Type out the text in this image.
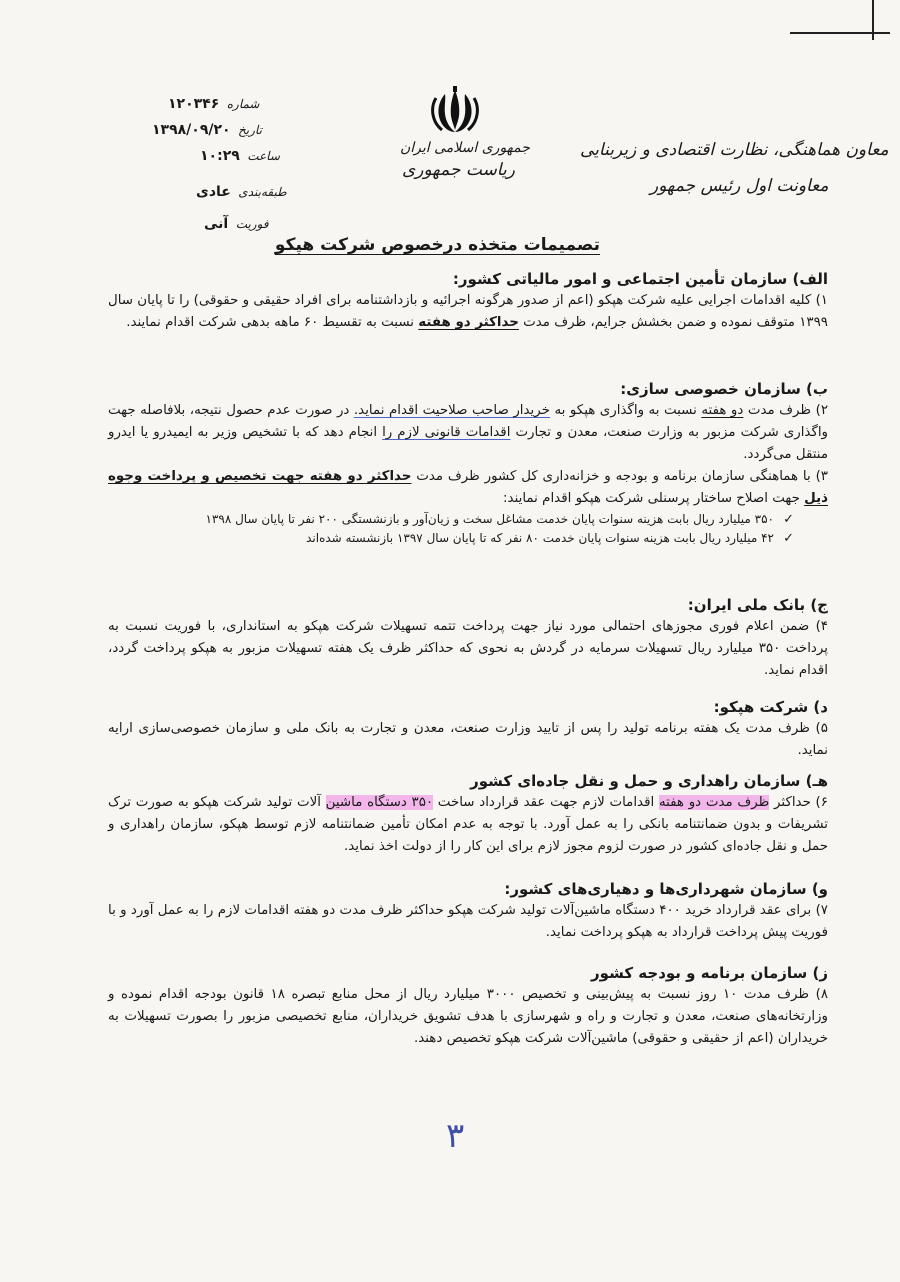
جمهوری اسلامی ایران
ریاست جمهوری
معاون هماهنگی، نظارت اقتصادی و زیربنایی
معاونت اول رئیس جمهور
شماره ۱۲۰۳۴۶
تاریخ ۱۳۹۸/۰۹/۲۰
ساعت ۱۰:۲۹
طبقه‌بندی عادی
فوریت آنی
تصمیمات متخذه درخصوص شرکت هپکو
الف) سازمان تأمین اجتماعی و امور مالیاتی کشور:
۱) کلیه اقدامات اجرایی علیه شرکت هپکو (اعم از صدور هرگونه اجرائیه و بازداشتنامه برای افراد حقیقی و حقوقی) را تا پایان سال ۱۳۹۹ متوقف نموده و ضمن بخشش جرایم، ظرف مدت حداکثر دو هفته نسبت به تقسیط ۶۰ ماهه بدهی شرکت اقدام نمایند.
ب) سازمان خصوصی سازی:
۲) ظرف مدت دو هفته نسبت به واگذاری هپکو به خریدار صاحب صلاحیت اقدام نماید. در صورت عدم حصول نتیجه، بلافاصله جهت واگذاری شرکت مزبور به وزارت صنعت، معدن و تجارت اقدامات قانونی لازم را انجام دهد که با تشخیص وزیر به ایمیدرو یا ایدرو منتقل می‌گردد.
۳) با هماهنگی سازمان برنامه و بودجه و خزانه‌داری کل کشور ظرف مدت حداکثر دو هفته جهت تخصیص و پرداخت وجوه ذیل جهت اصلاح ساختار پرسنلی شرکت هپکو اقدام نمایند:
✓
۳۵۰ میلیارد ریال بابت هزینه سنوات پایان خدمت مشاغل سخت و زیان‌آور و بازنشستگی ۲۰۰ نفر تا پایان سال ۱۳۹۸
✓
۴۲ میلیارد ریال بابت هزینه سنوات پایان خدمت ۸۰ نفر که تا پایان سال ۱۳۹۷ بازنشسته شده‌اند
ج) بانک ملی ایران:
۴) ضمن اعلام فوری مجوزهای احتمالی مورد نیاز جهت پرداخت تتمه تسهیلات شرکت هپکو به استانداری، با فوریت نسبت به پرداخت ۳۵۰ میلیارد ریال تسهیلات سرمایه در گردش به نحوی که حداکثر ظرف یک هفته تسهیلات مزبور به هپکو پرداخت گردد، اقدام نماید.
د) شرکت هپکو:
۵) ظرف مدت یک هفته برنامه تولید را پس از تایید وزارت صنعت، معدن و تجارت به بانک ملی و سازمان خصوصی‌سازی ارایه نماید.
هـ) سازمان راهداری و حمل و نقل جاده‌ای کشور
۶) حداکثر ظرف مدت دو هفته اقدامات لازم جهت عقد قرارداد ساخت ۳۵۰ دستگاه ماشین آلات تولید شرکت هپکو به صورت ترک تشریفات و بدون ضمانتنامه بانکی را به عمل آورد. با توجه به عدم امکان تأمین ضمانتنامه لازم توسط هپکو، سازمان راهداری و حمل و نقل جاده‌ای کشور در صورت لزوم مجوز لازم برای این کار را از دولت اخذ نماید.
و) سازمان شهرداری‌ها و دهیاری‌های کشور:
۷) برای عقد قرارداد خرید ۴۰۰ دستگاه ماشین‌آلات تولید شرکت هپکو حداکثر ظرف مدت دو هفته اقدامات لازم را به عمل آورد و با فوریت پیش پرداخت قرارداد به هپکو پرداخت نماید.
ز) سازمان برنامه و بودجه کشور
۸) ظرف مدت ۱۰ روز نسبت به پیش‌بینی و تخصیص ۳۰۰۰ میلیارد ریال از محل منابع تبصره ۱۸ قانون بودجه اقدام نموده و وزارتخانه‌های صنعت، معدن و تجارت و راه و شهرسازی با هدف تشویق خریداران، منابع تخصیصی مزبور را بصورت تسهیلات به خریداران (اعم از حقیقی و حقوقی) ماشین‌آلات شرکت هپکو تخصیص دهند.
۳
